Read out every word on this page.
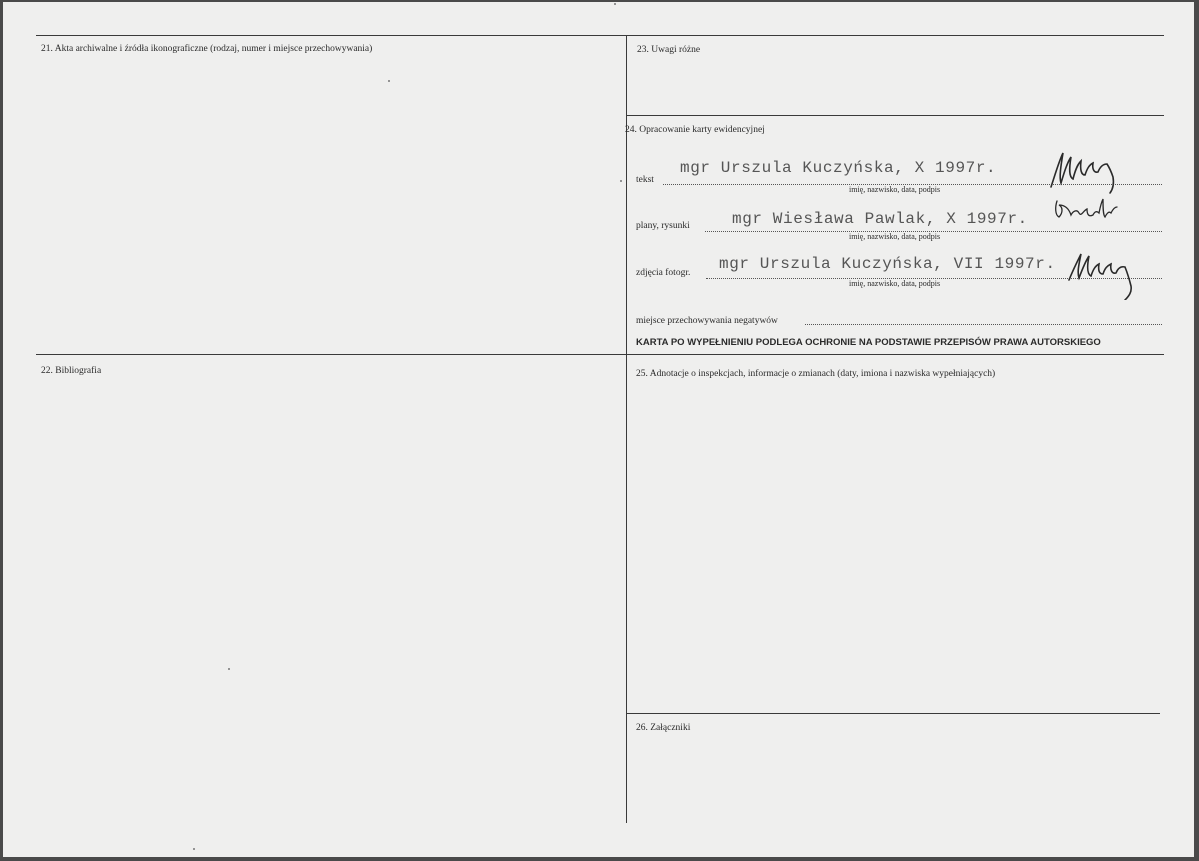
21. Akta archiwalne i źródła ikonograficzne (rodzaj, numer i miejsce przechowywania)
22. Bibliografia
23. Uwagi różne
24. Opracowanie karty ewidencyjnej
tekst
mgr Urszula Kuczyńska, X 1997r.
imię, nazwisko, data, podpis
plany, rysunki	mgr Wiesława Pawlak, X 1997r.
imię, nazwisko, data, podpis
zdjęcia fotogr. mgr Urszula Kuczyńska, VII 1997r.
imię, nazwisko, data, podpis
miejsce przechowywania negatywów
KARTA PO WYPEŁNIENIU PODLEGA OCHRONIE NA PODSTAWIE PRZEPISÓW PRAWA AUTORSKIEGO
25. Adnotacje o inspekcjach, informacje o zmianach (daty, imiona i nazwiska wypełniających)
26. Załączniki
